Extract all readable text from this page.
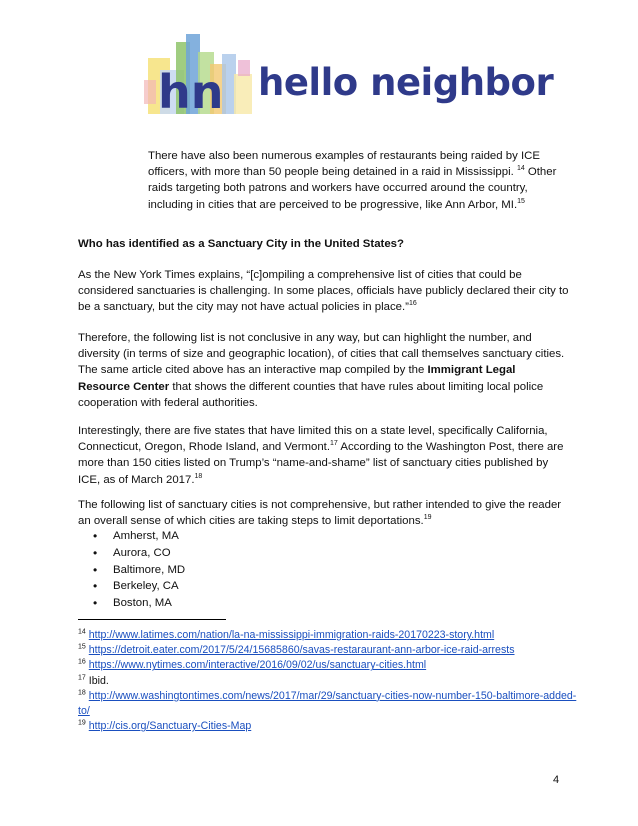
hn hello neighbor
There have also been numerous examples of restaurants being raided by ICE officers, with more than 50 people being detained in a raid in Mississippi. $^{14}$ Other raids targeting both patrons and workers have occurred around the country, including in cities that are perceived to be progressive, like Ann Arbor, MI.$^{15}$

Who has identified as a Sanctuary City in the United States?

As the New York Times explains, “[c]ompiling a comprehensive list of cities that could be considered sanctuaries is challenging. In some places, officials have publicly declared their city to be a sanctuary, but the city may not have actual policies in place.”$^{16}$

Therefore, the following list is not conclusive in any way, but can highlight the number, and diversity (in terms of size and geographic location), of cities that call themselves sanctuary cities. The same article cited above has an interactive map compiled by the Immigrant Legal Resource Center that shows the different counties that have rules about limiting local police cooperation with federal authorities.

Interestingly, there are five states that have limited this on a state level, specifically California, Connecticut, Oregon, Rhode Island, and Vermont.$^{17}$ According to the Washington Post, there are more than 150 cities listed on Trump’s “name-and-shame” list of sanctuary cities published by ICE, as of March 2017.18

The following list of sanctuary cities is not comprehensive, but rather intended to give the reader an overall sense of which cities are taking steps to limit deportations.$^{19}$

• Amherst, MA
• Aurora, CO
• Baltimore, MD
• Berkeley, CA
• Boston, MA

$^{14}$ http://www.latimes.com/nation/la-na-mississippi-immigration-raids-20170223-story.html

$^{15}$ https://detroit.eater.com/2017/5/24/15685860/savas-restaraurant-ann-arbor-ice-raid-arrests

$^{16}$ https://www.nytimes.com/interactive/2016/09/02/us/sanctuary-cities.html

$^{17}$ Ibid.

$^{18}$ http://www.washingtontimes.com/news/2017/mar/29/sanctuary-cities-now-number-150-baltimore-added-to/

$^{19}$ http://cis.org/Sanctuary-Cities-Map

4
